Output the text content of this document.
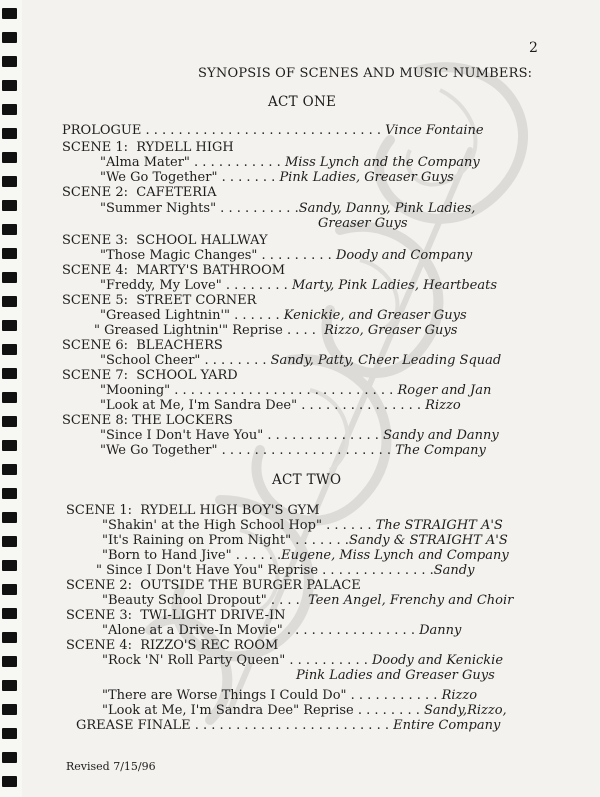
2
SYNOPSIS OF SCENES AND MUSIC NUMBERS:
ACT ONE
ACT TWO
PROLOGUE . . . . . . . . . . . . . . . . . . . . . . . . . . . . . Vince Fontaine
SCENE 1:  RYDELL HIGH
"Alma Mater" . . . . . . . . . . . Miss Lynch and the Company
"We Go Together" . . . . . . . Pink Ladies, Greaser Guys
SCENE 2:  CAFETERIA
"Summer Nights" . . . . . . . . . .Sandy, Danny, Pink Ladies,
Greaser Guys
SCENE 3:  SCHOOL HALLWAY
"Those Magic Changes" . . . . . . . . . Doody and Company
SCENE 4:  MARTY'S BATHROOM
"Freddy, My Love" . . . . . . . . Marty, Pink Ladies, Heartbeats
SCENE 5:  STREET CORNER
"Greased Lightnin'" . . . . . . Kenickie, and Greaser Guys
" Greased Lightnin'" Reprise . . . .  Rizzo, Greaser Guys
SCENE 6:  BLEACHERS
"School Cheer" . . . . . . . . Sandy, Patty, Cheer Leading Squad
SCENE 7:  SCHOOL YARD
"Mooning" . . . . . . . . . . . . . . . . . . . . . . . . . . . Roger and Jan
"Look at Me, I'm Sandra Dee" . . . . . . . . . . . . . . . Rizzo
SCENE 8: THE LOCKERS
"Since I Don't Have You" . . . . . . . . . . . . . . Sandy and Danny
"We Go Together" . . . . . . . . . . . . . . . . . . . . . The Company
SCENE 1:  RYDELL HIGH BOY'S GYM
"Shakin' at the High School Hop" . . . . . . The STRAIGHT A'S
"It's Raining on Prom Night" . . . . . . .Sandy & STRAIGHT A'S
"Born to Hand Jive" . . . . . .Eugene, Miss Lynch and Company
" Since I Don't Have You" Reprise . . . . . . . . . . . . . .Sandy
SCENE 2:  OUTSIDE THE BURGER PALACE
"Beauty School Dropout" . . . .  Teen Angel, Frenchy and Choir
SCENE 3:  TWI-LIGHT DRIVE-IN
"Alone at a Drive-In Movie" . . . . . . . . . . . . . . . . Danny
SCENE 4:  RIZZO'S REC ROOM
"Rock 'N' Roll Party Queen" . . . . . . . . . . Doody and Kenickie
Pink Ladies and Greaser Guys
"There are Worse Things I Could Do" . . . . . . . . . . . Rizzo
"Look at Me, I'm Sandra Dee" Reprise . . . . . . . . Sandy,Rizzo,
GREASE FINALE . . . . . . . . . . . . . . . . . . . . . . . . Entire Company
Revised 7/15/96
